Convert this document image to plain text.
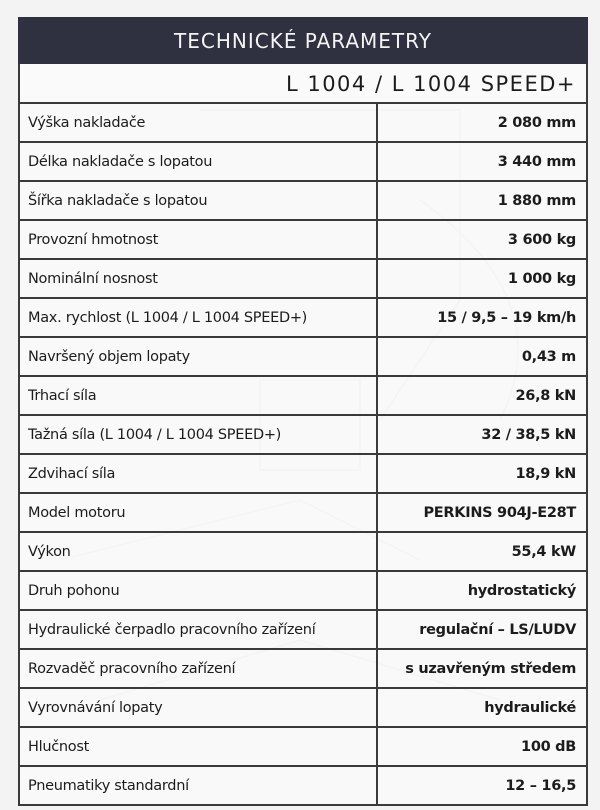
TECHNICKÉ PARAMETRY
L 1004 / L 1004 SPEED+
Výška nakladače	2 080 mm
Délka nakladače s lopatou	3 440 mm
Šířka nakladače s lopatou	1 880 mm
Provozní hmotnost	3 600 kg
Nominální nosnost	1 000 kg
Max. rychlost (L 1004 / L 1004 SPEED+)	15 / 9,5 – 19 km/h
Navršený objem lopaty	0,43 m
Trhací síla	26,8 kN
Tažná síla (L 1004 / L 1004 SPEED+)	32 / 38,5 kN
Zdvihací síla	18,9 kN
Model motoru	PERKINS 904J-E28T
Výkon	55,4 kW
Druh pohonu	hydrostatický
Hydraulické čerpadlo pracovního zařízení	regulační – LS/LUDV
Rozvaděč pracovního zařízení	s uzavřeným středem
Vyrovnávání lopaty	hydraulické
Hlučnost	100 dB
Pneumatiky standardní	12 – 16,5
